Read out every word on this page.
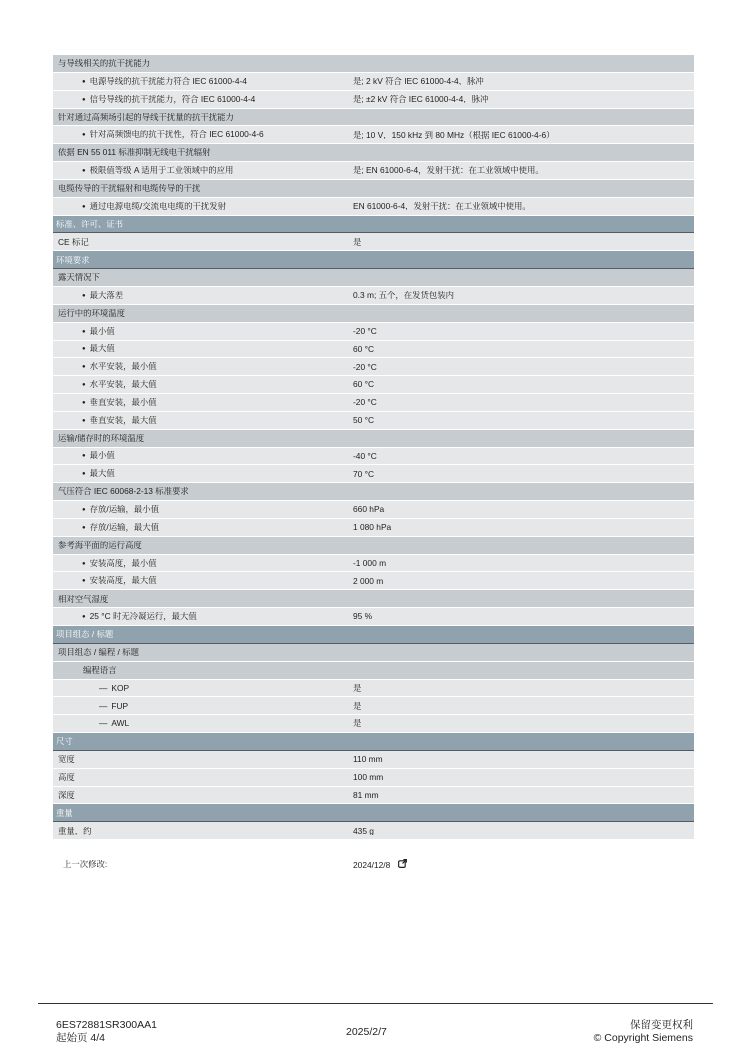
与导线相关的抗干扰能力
● 电源导线的抗干扰能力符合 IEC 61000-4-4	是; 2 kV 符合 IEC 61000-4-4，脉冲
● 信号导线的抗干扰能力，符合 IEC 61000-4-4	是; ±2 kV 符合 IEC 61000-4-4，脉冲
针对通过高频场引起的导线干扰量的抗干扰能力
● 针对高频馈电的抗干扰性，符合 IEC 61000-4-6	是; 10 V，150 kHz 到 80 MHz（根据 IEC 61000-4-6）
依据 EN 55 011 标准抑制无线电干扰辐射
● 极限值等级 A 适用于工业领域中的应用	是; EN 61000-6-4，发射干扰：在工业领域中使用。
电缆传导的干扰辐射和电缆传导的干扰
● 通过电源电缆/交流电电缆的干扰发射	EN 61000-6-4，发射干扰：在工业领域中使用。
标准、许可、证书
CE 标记	是
环境要求
露天情况下
● 最大落差	0.3 m; 五个，在发货包装内
运行中的环境温度
● 最小值	-20 °C
● 最大值	60 °C
● 水平安装，最小值	-20 °C
● 水平安装，最大值	60 °C
● 垂直安装，最小值	-20 °C
● 垂直安装，最大值	50 °C
运输/储存时的环境温度
● 最小值	-40 °C
● 最大值	70 °C
气压符合 IEC 60068-2-13 标准要求
● 存放/运输，最小值	660 hPa
● 存放/运输，最大值	1 080 hPa
参考海平面的运行高度
● 安装高度，最小值	-1 000 m
● 安装高度，最大值	2 000 m
相对空气湿度
● 25 °C 时无冷凝运行，最大值	95 %
项目组态 / 标题
项目组态 / 编程 / 标题
编程语言
— KOP	是
— FUP	是
— AWL	是
尺寸
宽度	110 mm
高度	100 mm
深度	81 mm
重量
重量，约	435 g
上一次修改:	2024/12/8
6ES72881SR300AA1
起始页 4/4	2025/2/7
保留变更权利
© Copyright Siemens
